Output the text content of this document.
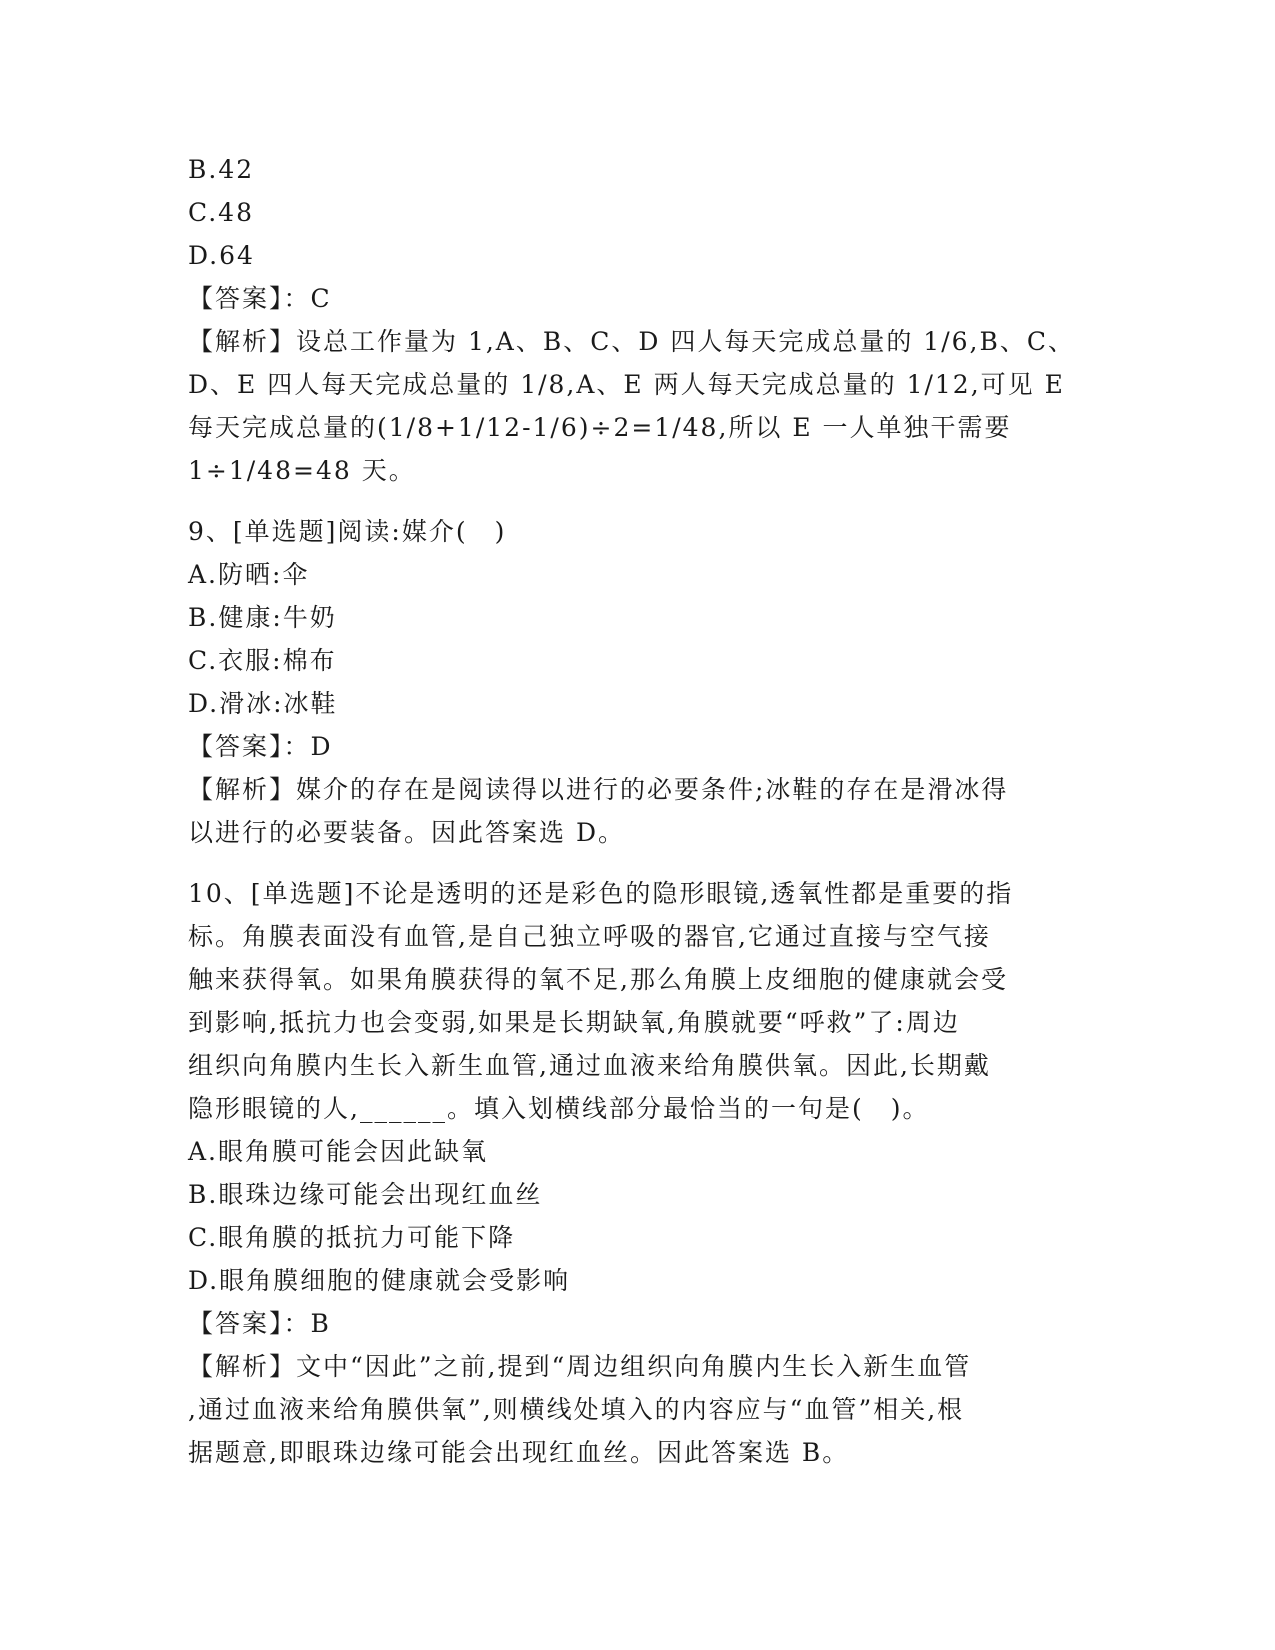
B.42
C.48
D.64
【答案】：C
【解析】设总工作量为 1,A、B、C、D 四人每天完成总量的 1/6,B、C、
D、E 四人每天完成总量的 1/8,A、E 两人每天完成总量的 1/12,可见 E
每天完成总量的(1/8+1/12-1/6)÷2=1/48,所以 E 一人单独干需要
1÷1/48=48 天。
9、[单选题]阅读:媒介(　)
A.防晒:伞
B.健康:牛奶
C.衣服:棉布
D.滑冰:冰鞋
【答案】：D
【解析】媒介的存在是阅读得以进行的必要条件;冰鞋的存在是滑冰得
以进行的必要装备。因此答案选 D。
10、[单选题]不论是透明的还是彩色的隐形眼镜,透氧性都是重要的指
标。角膜表面没有血管,是自己独立呼吸的器官,它通过直接与空气接
触来获得氧。如果角膜获得的氧不足,那么角膜上皮细胞的健康就会受
到影响,抵抗力也会变弱,如果是长期缺氧,角膜就要“呼救”了:周边
组织向角膜内生长入新生血管,通过血液来给角膜供氧。因此,长期戴
隐形眼镜的人,______。填入划横线部分最恰当的一句是(　)。
A.眼角膜可能会因此缺氧
B.眼珠边缘可能会出现红血丝
C.眼角膜的抵抗力可能下降
D.眼角膜细胞的健康就会受影响
【答案】：B
【解析】文中“因此”之前,提到“周边组织向角膜内生长入新生血管
,通过血液来给角膜供氧”,则横线处填入的内容应与“血管”相关,根
据题意,即眼珠边缘可能会出现红血丝。因此答案选 B。
